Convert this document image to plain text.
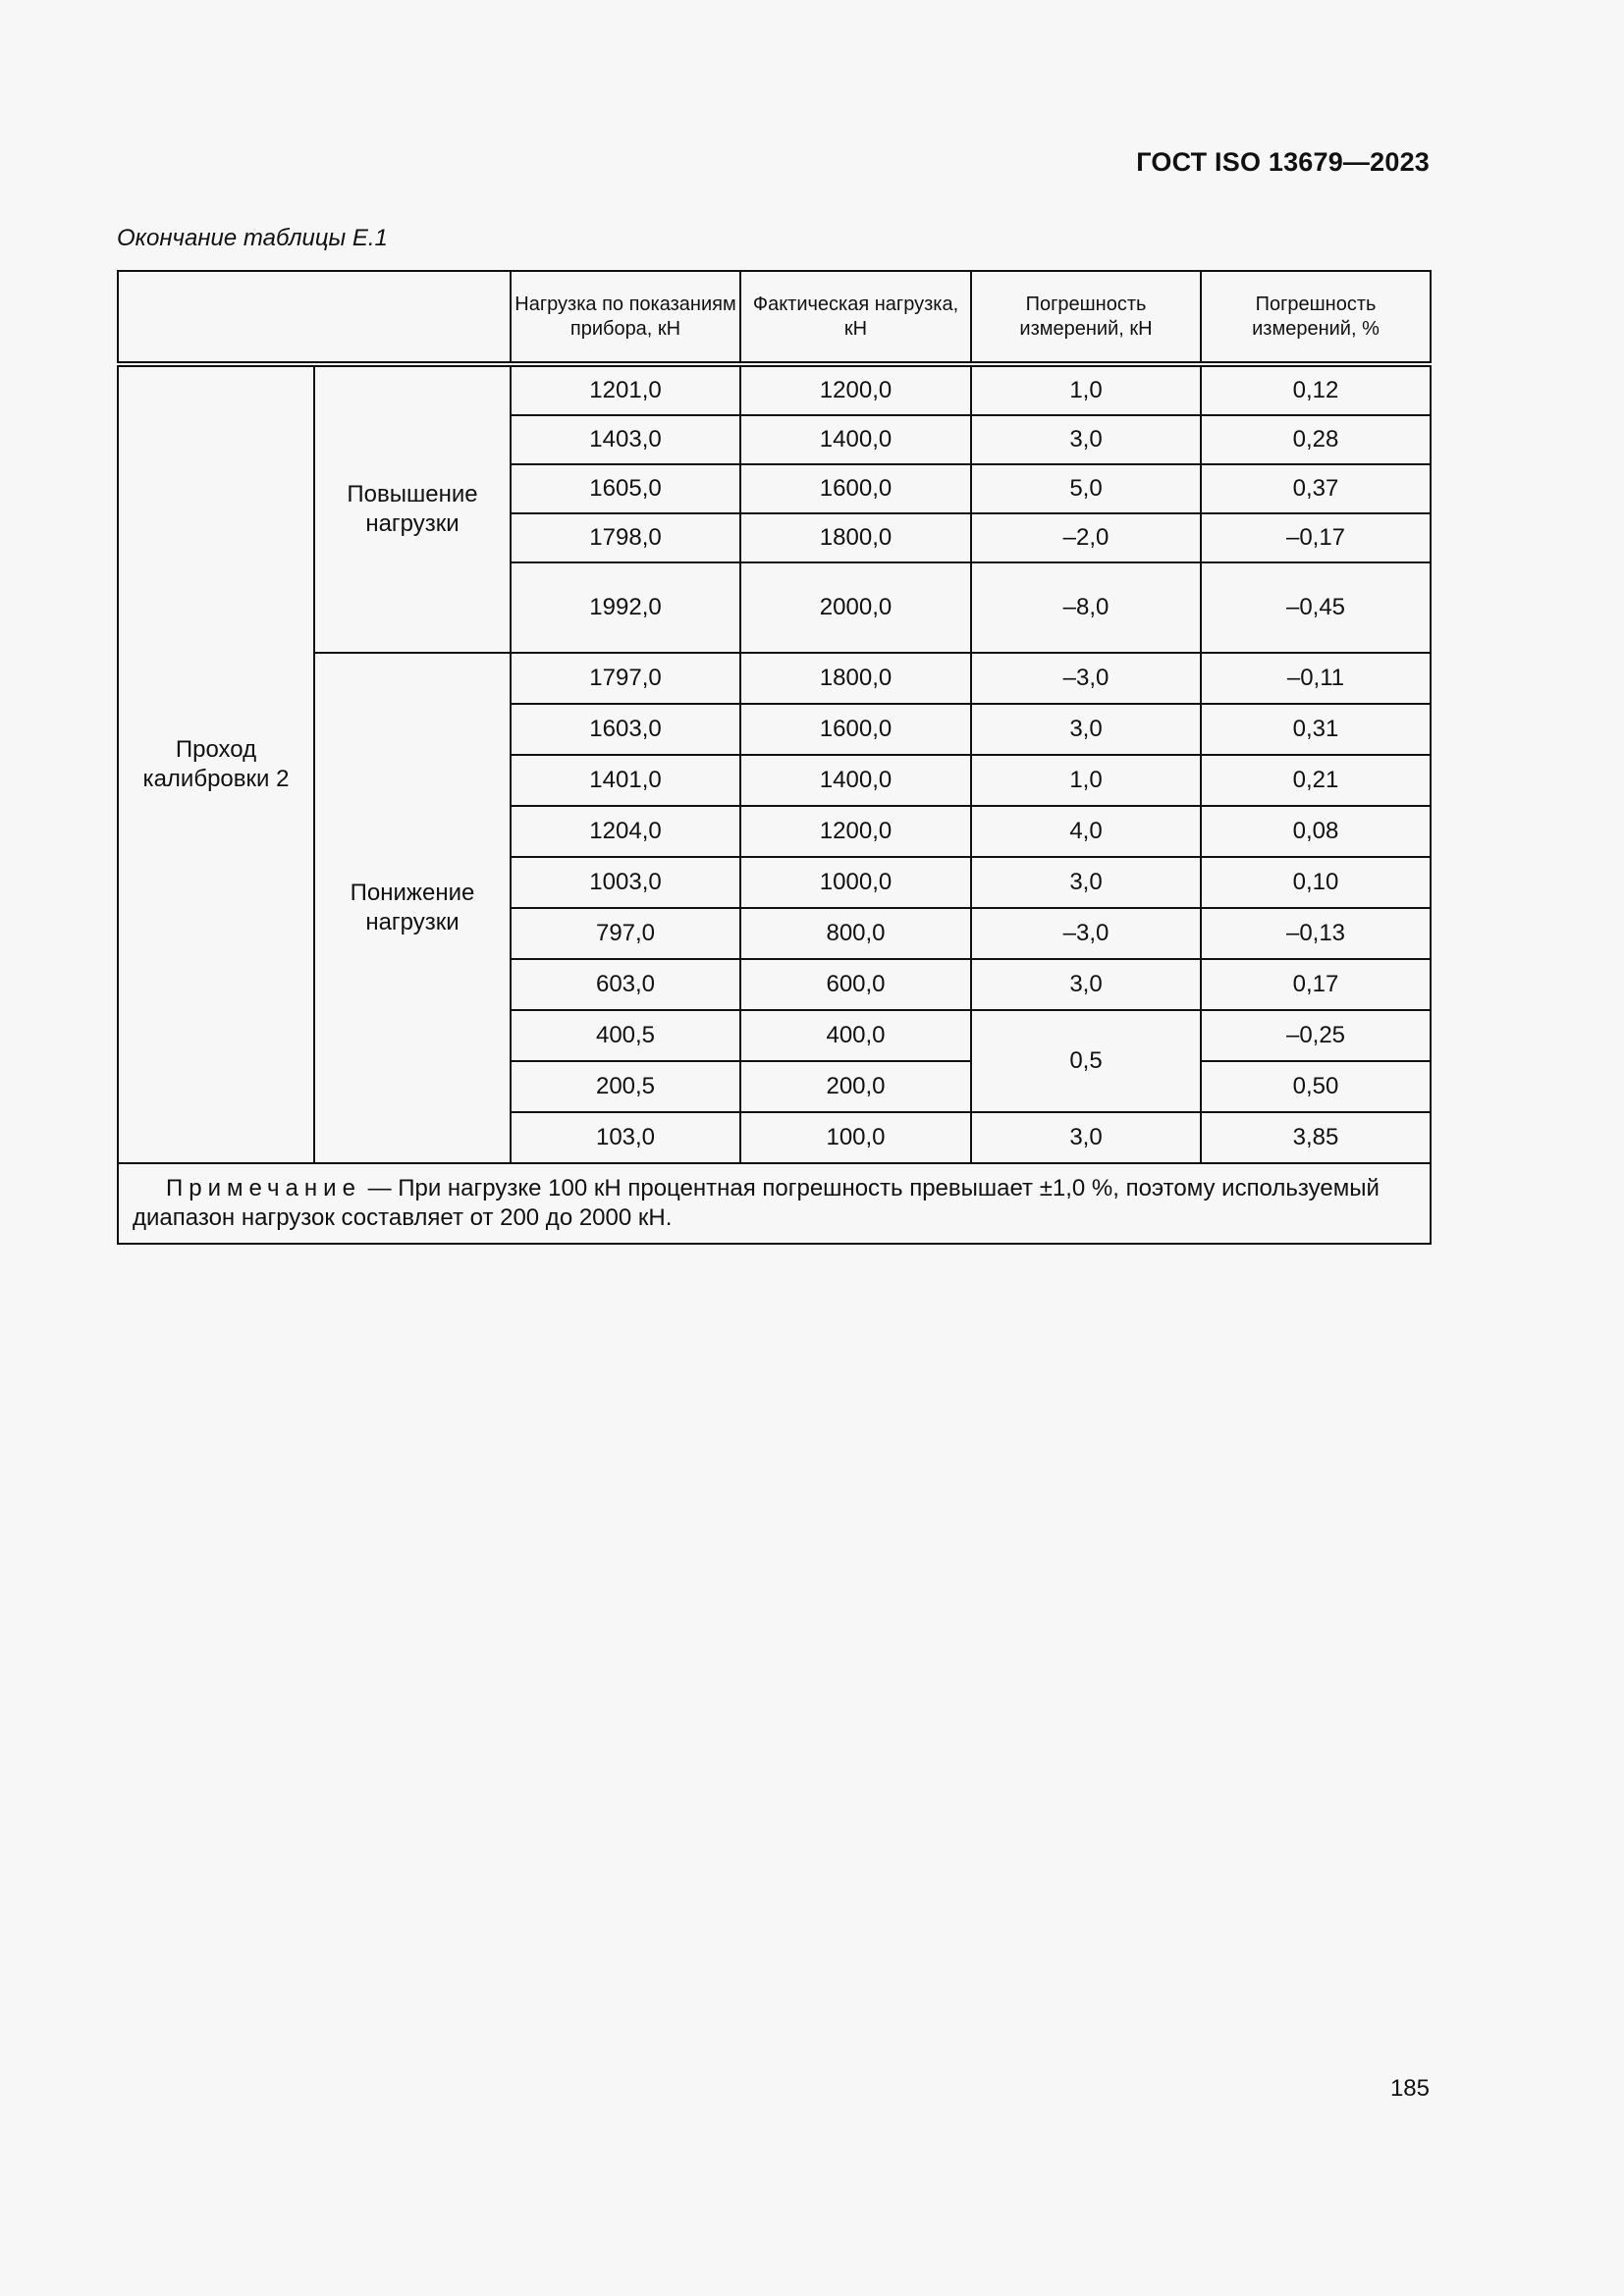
ГОСТ ISO 13679—2023
Окончание таблицы Е.1
		Нагрузка по показаниям прибора, кН	Фактическая нагрузка, кН	Погрешность измерений, кН	Погрешность измерений, %
Проход калибровки 2	Повышение нагрузки	1201,0	1200,0	1,0	0,12
		1403,0	1400,0	3,0	0,28
		1605,0	1600,0	5,0	0,37
		1798,0	1800,0	–2,0	–0,17
		1992,0	2000,0	–8,0	–0,45
	Понижение нагрузки	1797,0	1800,0	–3,0	–0,11
		1603,0	1600,0	3,0	0,31
		1401,0	1400,0	1,0	0,21
		1204,0	1200,0	4,0	0,08
		1003,0	1000,0	3,0	0,10
		797,0	800,0	–3,0	–0,13
		603,0	600,0	3,0	0,17
		400,5	400,0	0,5	–0,25
		200,5	200,0		0,50
		103,0	100,0	3,0	3,85
Примечание — При нагрузке 100 кН процентная погрешность превышает ±1,0 %, поэтому используемый диапазон нагрузок составляет от 200 до 2000 кН.					
185
